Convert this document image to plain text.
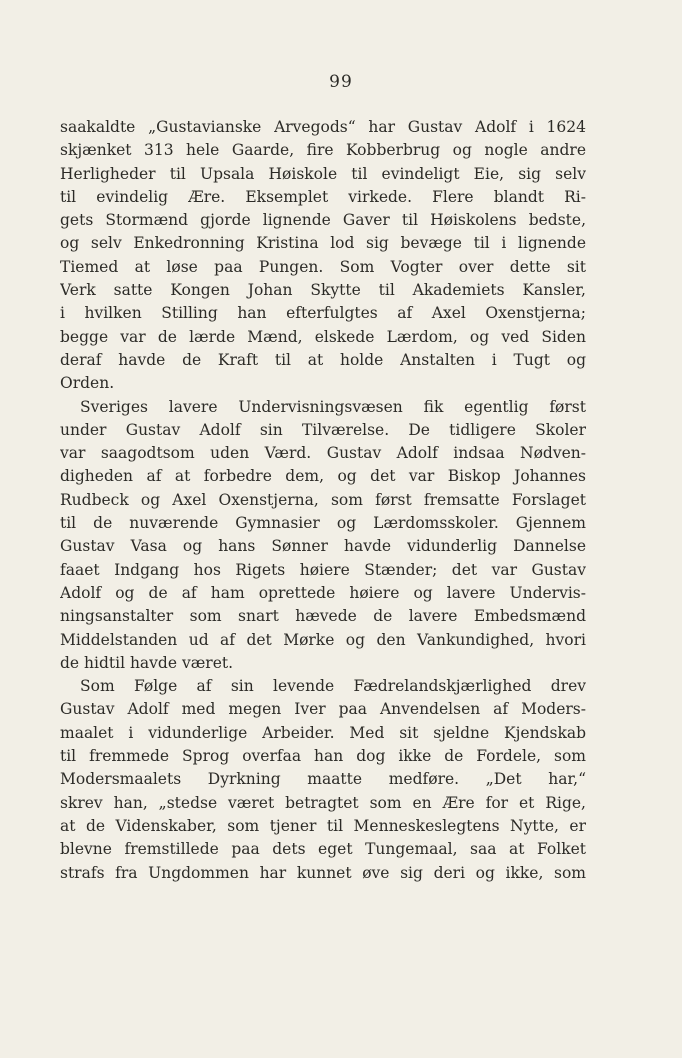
99
saakaldte „Gustavianske Arvegods“ har Gustav Adolf i 1624
skjænket 313 hele Gaarde, fire Kobberbrug og nogle andre
Herligheder til Upsala Høiskole til evindeligt Eie, sig selv
til evindelig Ære. Eksemplet virkede. Flere blandt Ri-
gets Stormænd gjorde lignende Gaver til Høiskolens bedste,
og selv Enkedronning Kristina lod sig bevæge til i lignende
Tiemed at løse paa Pungen. Som Vogter over dette sit
Verk satte Kongen Johan Skytte til Akademiets Kansler,
i hvilken Stilling han efterfulgtes af Axel Oxenstjerna;
begge var de lærde Mænd, elskede Lærdom, og ved Siden
deraf havde de Kraft til at holde Anstalten i Tugt og
Orden.
Sveriges lavere Undervisningsvæsen fik egentlig først
under Gustav Adolf sin Tilværelse. De tidligere Skoler
var saagodtsom uden Værd. Gustav Adolf indsaa Nødven-
digheden af at forbedre dem, og det var Biskop Johannes
Rudbeck og Axel Oxenstjerna, som først fremsatte Forslaget
til de nuværende Gymnasier og Lærdomsskoler. Gjennem
Gustav Vasa og hans Sønner havde vidunderlig Dannelse
faaet Indgang hos Rigets høiere Stænder; det var Gustav
Adolf og de af ham oprettede høiere og lavere Undervis-
ningsanstalter som snart hævede de lavere Embedsmænd
Middelstanden ud af det Mørke og den Vankundighed, hvori
de hidtil havde været.
Som Følge af sin levende Fædrelandskjærlighed drev
Gustav Adolf med megen Iver paa Anvendelsen af Moders-
maalet i vidunderlige Arbeider. Med sit sjeldne Kjendskab
til fremmede Sprog overfaa han dog ikke de Fordele, som
Modersmaalets Dyrkning maatte medføre. „Det har,“
skrev han, „stedse været betragtet som en Ære for et Rige,
at de Videnskaber, som tjener til Menneskeslegtens Nytte, er
blevne fremstillede paa dets eget Tungemaal, saa at Folket
strafs fra Ungdommen har kunnet øve sig deri og ikke, som
